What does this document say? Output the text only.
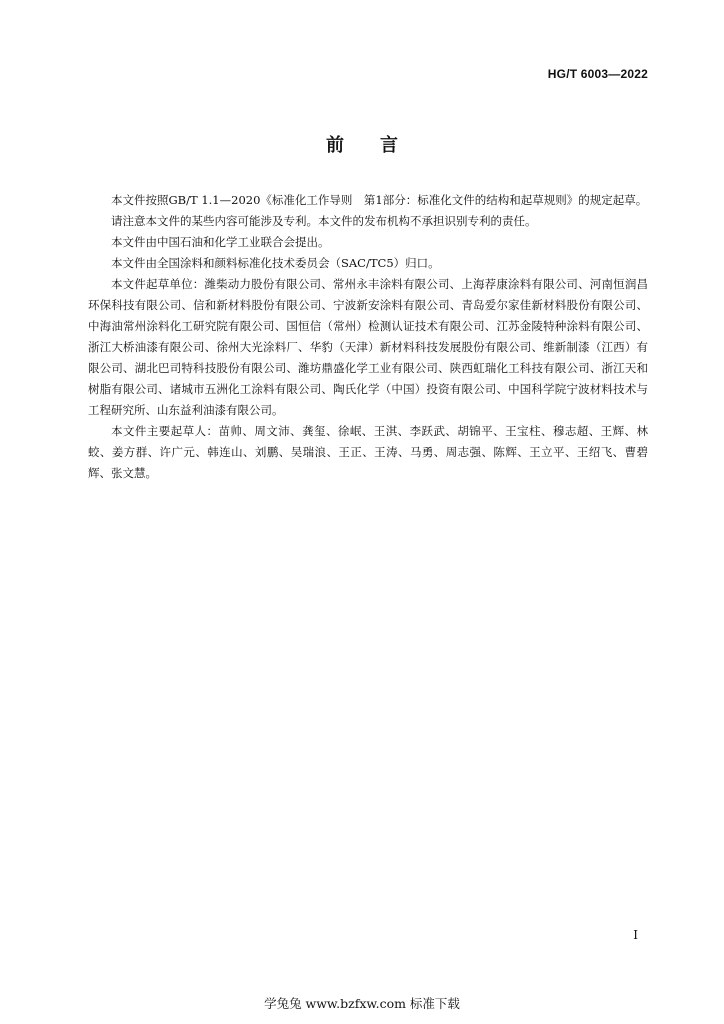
HG/T 6003—2022
前　　言

本文件按照GB/T 1.1—2020《标准化工作导则　第1部分：标准化文件的结构和起草规则》的规定起草。

请注意本文件的某些内容可能涉及专利。本文件的发布机构不承担识别专利的责任。

本文件由中国石油和化学工业联合会提出。

本文件由全国涂料和颜料标准化技术委员会（SAC/TC5）归口。

本文件起草单位：潍柴动力股份有限公司、常州永丰涂料有限公司、上海荐康涂料有限公司、河南恒润昌环保科技有限公司、信和新材料股份有限公司、宁波新安涂料有限公司、青岛爱尔家佳新材料股份有限公司、中海油常州涂料化工研究院有限公司、国恒信（常州）检测认证技术有限公司、江苏金陵特种涂料有限公司、浙江大桥油漆有限公司、徐州大光涂料厂、华豹（天津）新材料科技发展股份有限公司、维新制漆（江西）有限公司、湖北巴司特科技股份有限公司、潍坊鼎盛化学工业有限公司、陕西虹瑞化工科技有限公司、浙江天和树脂有限公司、诸城市五洲化工涂料有限公司、陶氏化学（中国）投资有限公司、中国科学院宁波材料技术与工程研究所、山东益利油漆有限公司。

本文件主要起草人：苗帅、周文沛、龚玺、徐岷、王淇、李跃武、胡锦平、王宝柱、穆志超、王辉、林蛟、姜方群、许广元、韩连山、刘鹏、吴瑞浪、王正、王涛、马勇、周志强、陈辉、王立平、王绍飞、曹碧辉、张文慧。

I
学兔兔 www.bzfxw.com 标准下载
